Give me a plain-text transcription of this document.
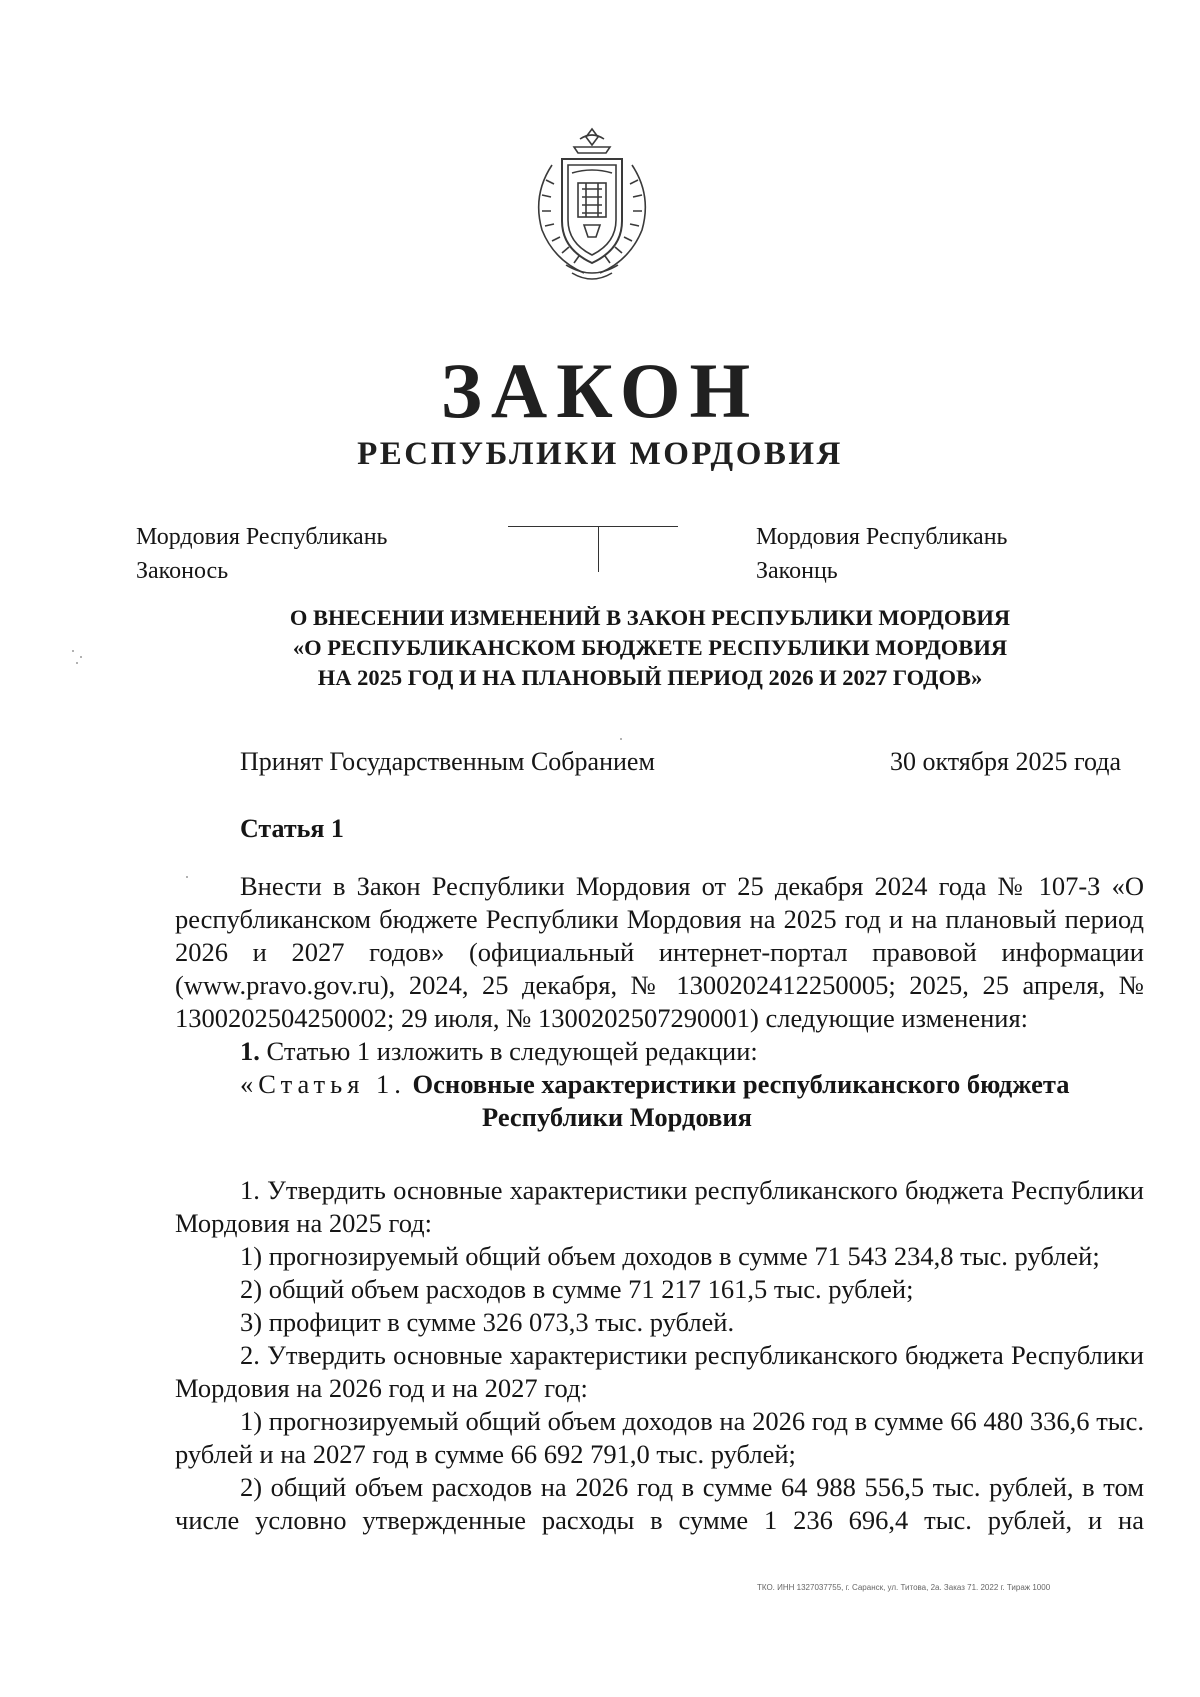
ЗАКОН
РЕСПУБЛИКИ МОРДОВИЯ
Мордовия Республикань
Законось
Мордовия Республикань
Законць
О ВНЕСЕНИИ ИЗМЕНЕНИЙ В ЗАКОН РЕСПУБЛИКИ МОРДОВИЯ
«О РЕСПУБЛИКАНСКОМ БЮДЖЕТЕ РЕСПУБЛИКИ МОРДОВИЯ
НА 2025 ГОД И НА ПЛАНОВЫЙ ПЕРИОД 2026 И 2027 ГОДОВ»
Принят Государственным Собранием	30 октября 2025 года
Статья 1

Внести в Закон Республики Мордовия от 25 декабря 2024 года № 107-З «О республиканском бюджете Республики Мордовия на 2025 год и на плановый период 2026 и 2027 годов» (официальный интернет-портал правовой информации (www.pravo.gov.ru), 2024, 25 декабря, № 1300202412250005; 2025, 25 апреля, № 1300202504250002; 29 июля, № 1300202507290001) следующие изменения:

1. Статью 1 изложить в следующей редакции:

«Статья 1. Основные характеристики республиканского бюджета
Республики Мордовия

1. Утвердить основные характеристики республиканского бюджета Республики Мордовия на 2025 год:

1) прогнозируемый общий объем доходов в сумме 71 543 234,8 тыс. рублей;

2) общий объем расходов в сумме 71 217 161,5 тыс. рублей;

3) профицит в сумме 326 073,3 тыс. рублей.

2. Утвердить основные характеристики республиканского бюджета Республики Мордовия на 2026 год и на 2027 год:

1) прогнозируемый общий объем доходов на 2026 год в сумме 66 480 336,6 тыс. рублей и на 2027 год в сумме 66 692 791,0 тыс. рублей;

2) общий объем расходов на 2026 год в сумме 64 988 556,5 тыс. рублей, в том числе условно утвержденные расходы в сумме 1 236 696,4 тыс. рублей, и на

ТКО. ИНН 1327037755, г. Саранск, ул. Титова, 2а. Заказ 71. 2022 г. Тираж 1000
